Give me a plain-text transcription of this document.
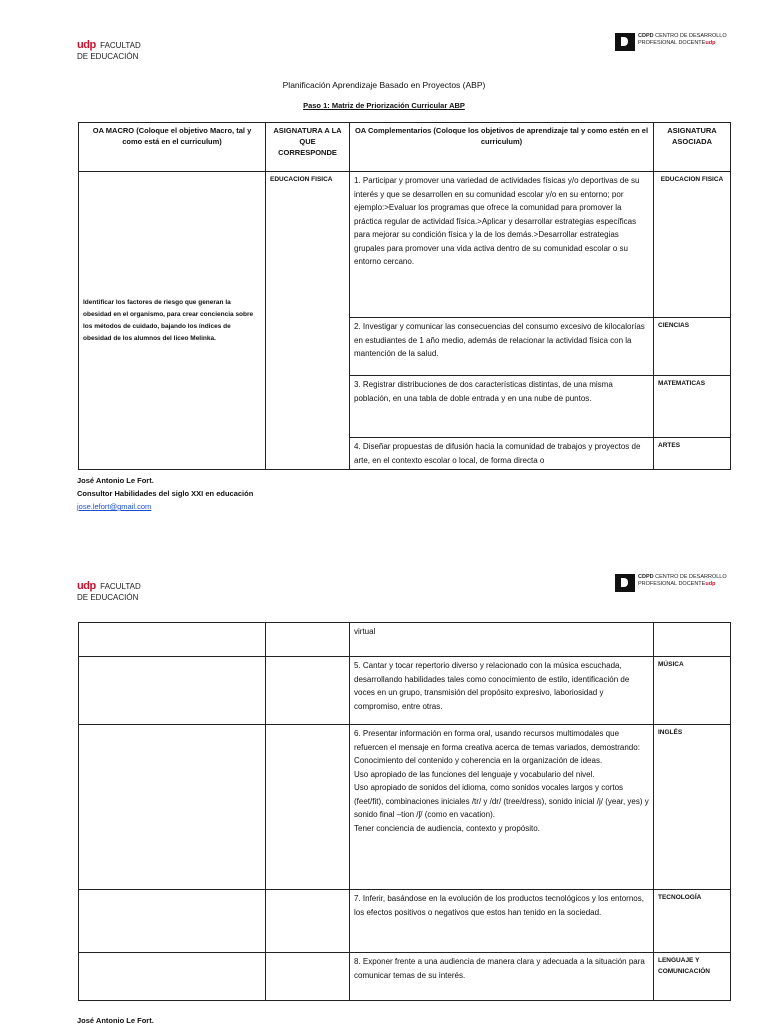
udp FACULTAD
DE EDUCACIÓN
CDPD CENTRO DE DESARROLLO
PROFESIONAL DOCENTEudp
Planificación Aprendizaje Basado en Proyectos (ABP)
Paso 1: Matriz de Priorización Curricular ABP
OA MACRO (Coloque el objetivo Macro, tal y como está en el curriculum)	ASIGNATURA A LA QUE CORRESPONDE	OA Complementarios (Coloque los objetivos de aprendizaje tal y como estén en el curriculum)	ASIGNATURA ASOCIADA
Identificar los factores de riesgo que generan la obesidad en el organismo, para crear conciencia sobre los métodos de cuidado, bajando los índices de obesidad de los alumnos del liceo Melinka.	EDUCACION FISICA	1. Participar y promover una variedad de actividades físicas y/o deportivas de su interés y que se desarrollen en su comunidad escolar y/o en su entorno; por ejemplo:>Evaluar los programas que ofrece la comunidad para promover la práctica regular de actividad física.>Aplicar y desarrollar estrategias específicas para mejorar su condición física y la de los demás.>Desarrollar estrategias grupales para promover una vida activa dentro de su comunidad escolar o su entorno cercano.	EDUCACION FISICA
		2. Investigar y comunicar las consecuencias del consumo excesivo de kilocalorías en estudiantes de 1 año medio, además de relacionar la actividad física con la mantención de la salud.	CIENCIAS
		3. Registrar distribuciones de dos características distintas, de una misma población, en una tabla de doble entrada y en una nube de puntos.	MATEMATICAS
		4. Diseñar propuestas de difusión hacia la comunidad de trabajos y proyectos de arte, en el contexto escolar o local, de forma directa o	ARTES
José Antonio Le Fort.
Consultor Habilidades del siglo XXI en educación
jose.lefort@gmail.com
udp FACULTAD
DE EDUCACIÓN
CDPD CENTRO DE DESARROLLO
PROFESIONAL DOCENTEudp
		virtual	
		5. Cantar y tocar repertorio diverso y relacionado con la música escuchada, desarrollando habilidades tales como conocimiento de estilo, identificación de voces en un grupo, transmisión del propósito expresivo, laboriosidad y compromiso, entre otras.	MÚSICA
		6. Presentar información en forma oral, usando recursos multimodales que refuercen el mensaje en forma creativa acerca de temas variados, demostrando:
Conocimiento del contenido y coherencia en la organización de ideas.
Uso apropiado de las funciones del lenguaje y vocabulario del nivel.
Uso apropiado de sonidos del idioma, como sonidos vocales largos y cortos (feet/fit), combinaciones iniciales /tr/ y /dr/ (tree/dress), sonido inicial /j/ (year, yes) y sonido final –tion /ʃ/ (como en vacation).
Tener conciencia de audiencia, contexto y propósito.	INGLÉS
		7. Inferir, basándose en la evolución de los productos tecnológicos y los entornos, los efectos positivos o negativos que estos han tenido en la sociedad.	TECNOLOGÍA
		8. Exponer frente a una audiencia de manera clara y adecuada a la situación para comunicar temas de su interés.	LENGUAJE Y COMUNICACIÓN
José Antonio Le Fort.
